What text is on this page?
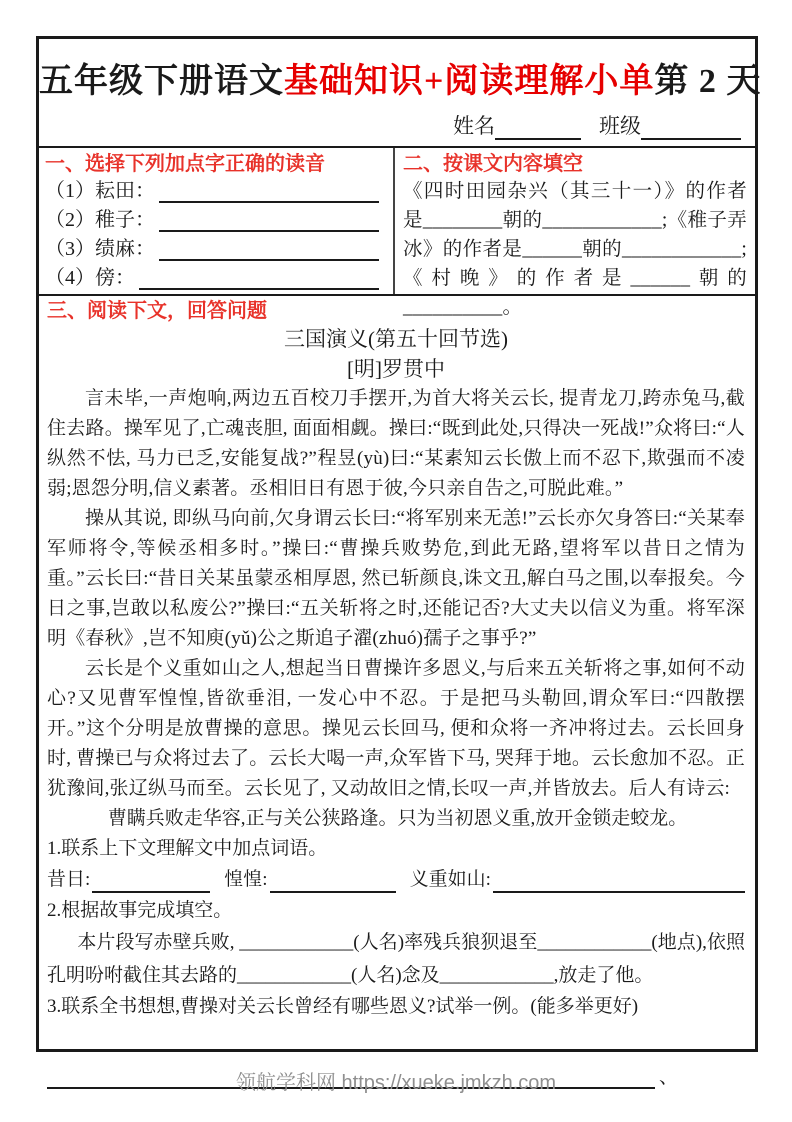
五年级下册语文基础知识+阅读理解小单第 2 天
姓名	班级
一、选择下列加点字正确的读音
（1）耘田：
（2）稚子：
（3）绩麻：
（4）傍：
二、按课文内容填空
《四时田园杂兴（其三十一）》的作者是________朝的____________;《稚子弄冰》的作者是______朝的____________;《村晚》的作者是______朝的__________。
三、阅读下文，回答问题
三国演义(第五十回节选)
[明]罗贯中
言未毕,一声炮响,两边五百校刀手摆开,为首大将关云长, 提青龙刀,跨赤兔马,截住去路。操军见了,亡魂丧胆, 面面相觑。操曰:“既到此处,只得决一死战!”众将曰:“人纵然不怯, 马力已乏,安能复战?”程昱(yù)曰:“某素知云长傲上而不忍下,欺强而不凌弱;恩怨分明,信义素著。丞相旧日有恩于彼,今只亲自告之,可脱此难。”
操从其说, 即纵马向前,欠身谓云长曰:“将军别来无恙!”云长亦欠身答曰:“关某奉军师将令,等候丞相多时。”操曰:“曹操兵败势危,到此无路,望将军以昔日之情为重。”云长曰:“昔日关某虽蒙丞相厚恩, 然已斩颜良,诛文丑,解白马之围,以奉报矣。今日之事,岂敢以私废公?”操曰:“五关斩将之时,还能记否?大丈夫以信义为重。将军深明《春秋》,岂不知庾(yǔ)公之斯追子濯(zhuó)孺子之事乎?”
云长是个义重如山之人,想起当日曹操许多恩义,与后来五关斩将之事,如何不动心?又见曹军惶惶,皆欲垂泪, 一发心中不忍。于是把马头勒回,谓众军曰:“四散摆开。”这个分明是放曹操的意思。操见云长回马, 便和众将一齐冲将过去。云长回身时, 曹操已与众将过去了。云长大喝一声,众军皆下马, 哭拜于地。云长愈加不忍。正犹豫间,张辽纵马而至。云长见了, 又动故旧之情,长叹一声,并皆放去。后人有诗云:
曹瞒兵败走华容,正与关公狭路逢。只为当初恩义重,放开金锁走蛟龙。
1.联系上下文理解文中加点词语。
昔日:	惶惶:	义重如山:
2.根据故事完成填空。
本片段写赤壁兵败, ____________(人名)率残兵狼狈退至____________(地点),依照孔明吩咐截住其去路的____________(人名)念及____________,放走了他。
3.联系全书想想,曹操对关云长曾经有哪些恩义?试举一例。(能多举更好)
、
领航学科网 https://xueke.jmkzh.com
